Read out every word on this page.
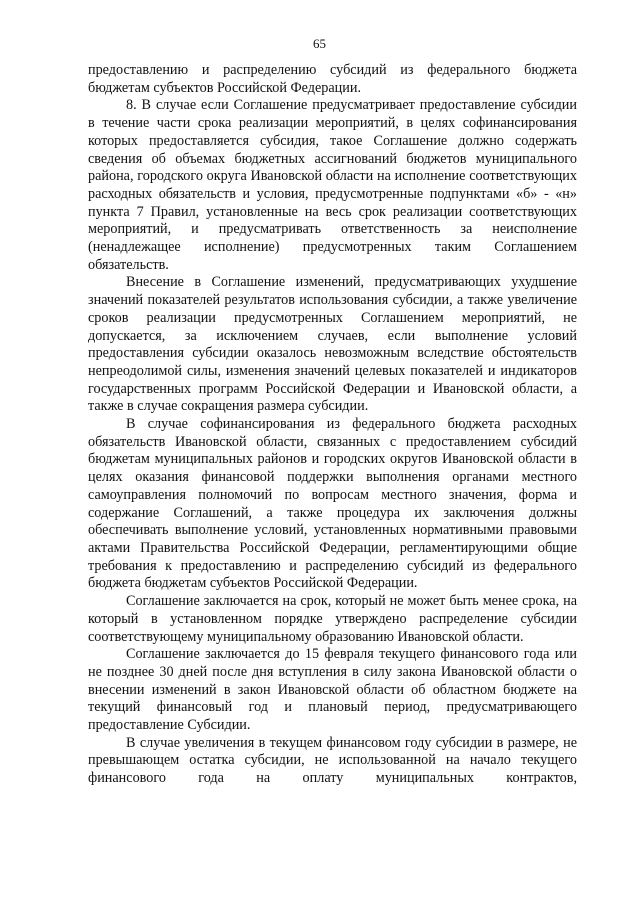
65

предоставлению и распределению субсидий из федерального бюджета бюджетам субъектов Российской Федерации.

8. В случае если Соглашение предусматривает предоставление субсидии в течение части срока реализации мероприятий, в целях софинансирования которых предоставляется субсидия, такое Соглашение должно содержать сведения об объемах бюджетных ассигнований бюджетов муниципального района, городского округа Ивановской области на исполнение соответствующих расходных обязательств и условия, предусмотренные подпунктами «б» - «н» пункта 7 Правил, установленные на весь срок реализации соответствующих мероприятий, и предусматривать ответственность за неисполнение (ненадлежащее исполнение) предусмотренных таким Соглашением обязательств.

Внесение в Соглашение изменений, предусматривающих ухудшение значений показателей результатов использования субсидии, а также увеличение сроков реализации предусмотренных Соглашением мероприятий, не допускается, за исключением случаев, если выполнение условий предоставления субсидии оказалось невозможным вследствие обстоятельств непреодолимой силы, изменения значений целевых показателей и индикаторов государственных программ Российской Федерации и Ивановской области, а также в случае сокращения размера субсидии.

В случае софинансирования из федерального бюджета расходных обязательств Ивановской области, связанных с предоставлением субсидий бюджетам муниципальных районов и городских округов Ивановской области в целях оказания финансовой поддержки выполнения органами местного самоуправления полномочий по вопросам местного значения, форма и содержание Соглашений, а также процедура их заключения должны обеспечивать выполнение условий, установленных нормативными правовыми актами Правительства Российской Федерации, регламентирующими общие требования к предоставлению и распределению субсидий из федерального бюджета бюджетам субъектов Российской Федерации.

Соглашение заключается на срок, который не может быть менее срока, на который в установленном порядке утверждено распределение субсидии соответствующему муниципальному образованию Ивановской области.

Соглашение заключается до 15 февраля текущего финансового года или не позднее 30 дней после дня вступления в силу закона Ивановской области о внесении изменений в закон Ивановской области об областном бюджете на текущий финансовый год и плановый период, предусматривающего предоставление Субсидии.

В случае увеличения в текущем финансовом году субсидии в размере, не превышающем остатка субсидии, не использованной на начало текущего финансового года на оплату муниципальных контрактов,
